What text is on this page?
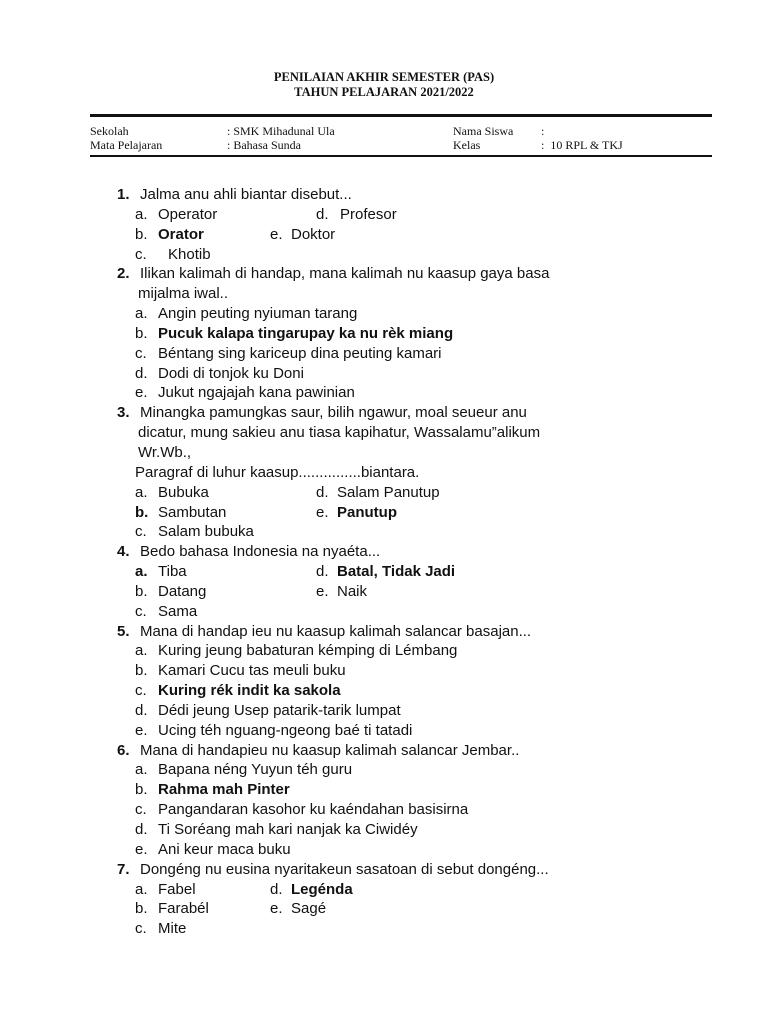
PENILAIAN AKHIR SEMESTER (PAS)
TAHUN PELAJARAN 2021/2022
Sekolah	: SMK Mihadunal Ula	Nama Siswa :
Mata Pelajaran	: Bahasa Sunda	Kelas	:  10 RPL & TKJ
1. Jalma anu ahli biantar disebut...
a. Operator	d. Profesor
b. Orator	e. Doktor
c. Khotib
2. Ilikan kalimah di handap, mana kalimah nu kaasup gaya basa
mijalma iwal..
a. Angin peuting nyiuman tarang
b. Pucuk kalapa tingarupay ka nu rèk miang
c. Béntang sing kariceup dina peuting kamari
d. Dodi di tonjok ku Doni
e. Jukut ngajajah kana pawinian
3. Minangka pamungkas saur, bilih ngawur, moal seueur anu
dicatur, mung sakieu anu tiasa kapihatur, Wassalamu”alikum
Wr.Wb.,
Paragraf di luhur kaasup...............biantara.
a. Bubuka	d. Salam Panutup
b. Sambutan	e. Panutup
c. Salam bubuka
4. Bedo bahasa Indonesia na nyaéta...
a. Tiba	d. Batal, Tidak Jadi
b. Datang	e. Naik
c. Sama
5. Mana di handap ieu nu kaasup kalimah salancar basajan...
a. Kuring jeung babaturan kémping di Lémbang
b. Kamari Cucu tas meuli buku
c. Kuring rék indit ka sakola
d. Dédi jeung Usep patarik-tarik lumpat
e. Ucing téh nguang-ngeong baé ti tatadi
6. Mana di handapieu nu kaasup kalimah salancar Jembar..
a. Bapana néng Yuyun téh guru
b. Rahma mah Pinter
c. Pangandaran kasohor ku kaéndahan basisirna
d. Ti Soréang mah kari nanjak ka Ciwidéy
e. Ani keur maca buku
7. Dongéng nu eusina nyaritakeun sasatoan di sebut dongéng...
a. Fabel	d. Legénda
b. Farabél	e. Sagé
c. Mite
